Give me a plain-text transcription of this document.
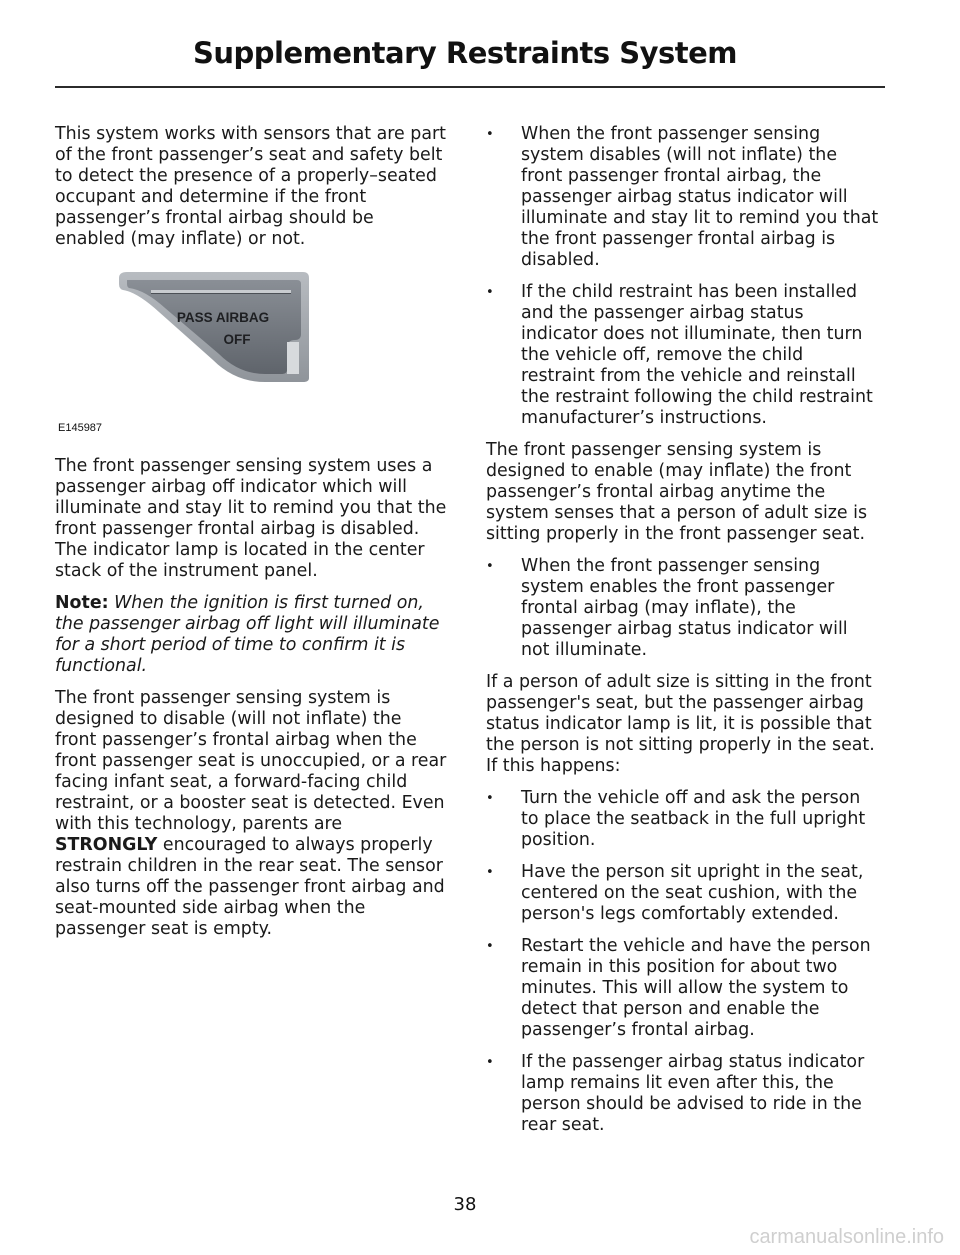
Supplementary Restraints System

This system works with sensors that are part of the front passenger’s seat and safety belt to detect the presence of a properly–seated occupant and determine if the front passenger’s frontal airbag should be enabled (may inflate) or not.

PASS AIRBAG
OFF
E145987

The front passenger sensing system uses a passenger airbag off indicator which will illuminate and stay lit to remind you that the front passenger frontal airbag is disabled. The indicator lamp is located in the center stack of the instrument panel.

Note: When the ignition is first turned on, the passenger airbag off light will illuminate for a short period of time to confirm it is functional.

The front passenger sensing system is designed to disable (will not inflate) the front passenger’s frontal airbag when the front passenger seat is unoccupied, or a rear facing infant seat, a forward-facing child restraint, or a booster seat is detected. Even with this technology, parents are STRONGLY encouraged to always properly restrain children in the rear seat. The sensor also turns off the passenger front airbag and seat-mounted side airbag when the passenger seat is empty.

• When the front passenger sensing system disables (will not inflate) the front passenger frontal airbag, the passenger airbag status indicator will illuminate and stay lit to remind you that the front passenger frontal airbag is disabled.
• If the child restraint has been installed and the passenger airbag status indicator does not illuminate, then turn the vehicle off, remove the child restraint from the vehicle and reinstall the restraint following the child restraint manufacturer’s instructions.

The front passenger sensing system is designed to enable (may inflate) the front passenger’s frontal airbag anytime the system senses that a person of adult size is sitting properly in the front passenger seat.

• When the front passenger sensing system enables the front passenger frontal airbag (may inflate), the passenger airbag status indicator will not illuminate.

If a person of adult size is sitting in the front passenger's seat, but the passenger airbag status indicator lamp is lit, it is possible that the person is not sitting properly in the seat. If this happens:

• Turn the vehicle off and ask the person to place the seatback in the full upright position.
• Have the person sit upright in the seat, centered on the seat cushion, with the person's legs comfortably extended.
• Restart the vehicle and have the person remain in this position for about two minutes. This will allow the system to detect that person and enable the passenger’s frontal airbag.
• If the passenger airbag status indicator lamp remains lit even after this, the person should be advised to ride in the rear seat.
38
carmanualsonline.info
